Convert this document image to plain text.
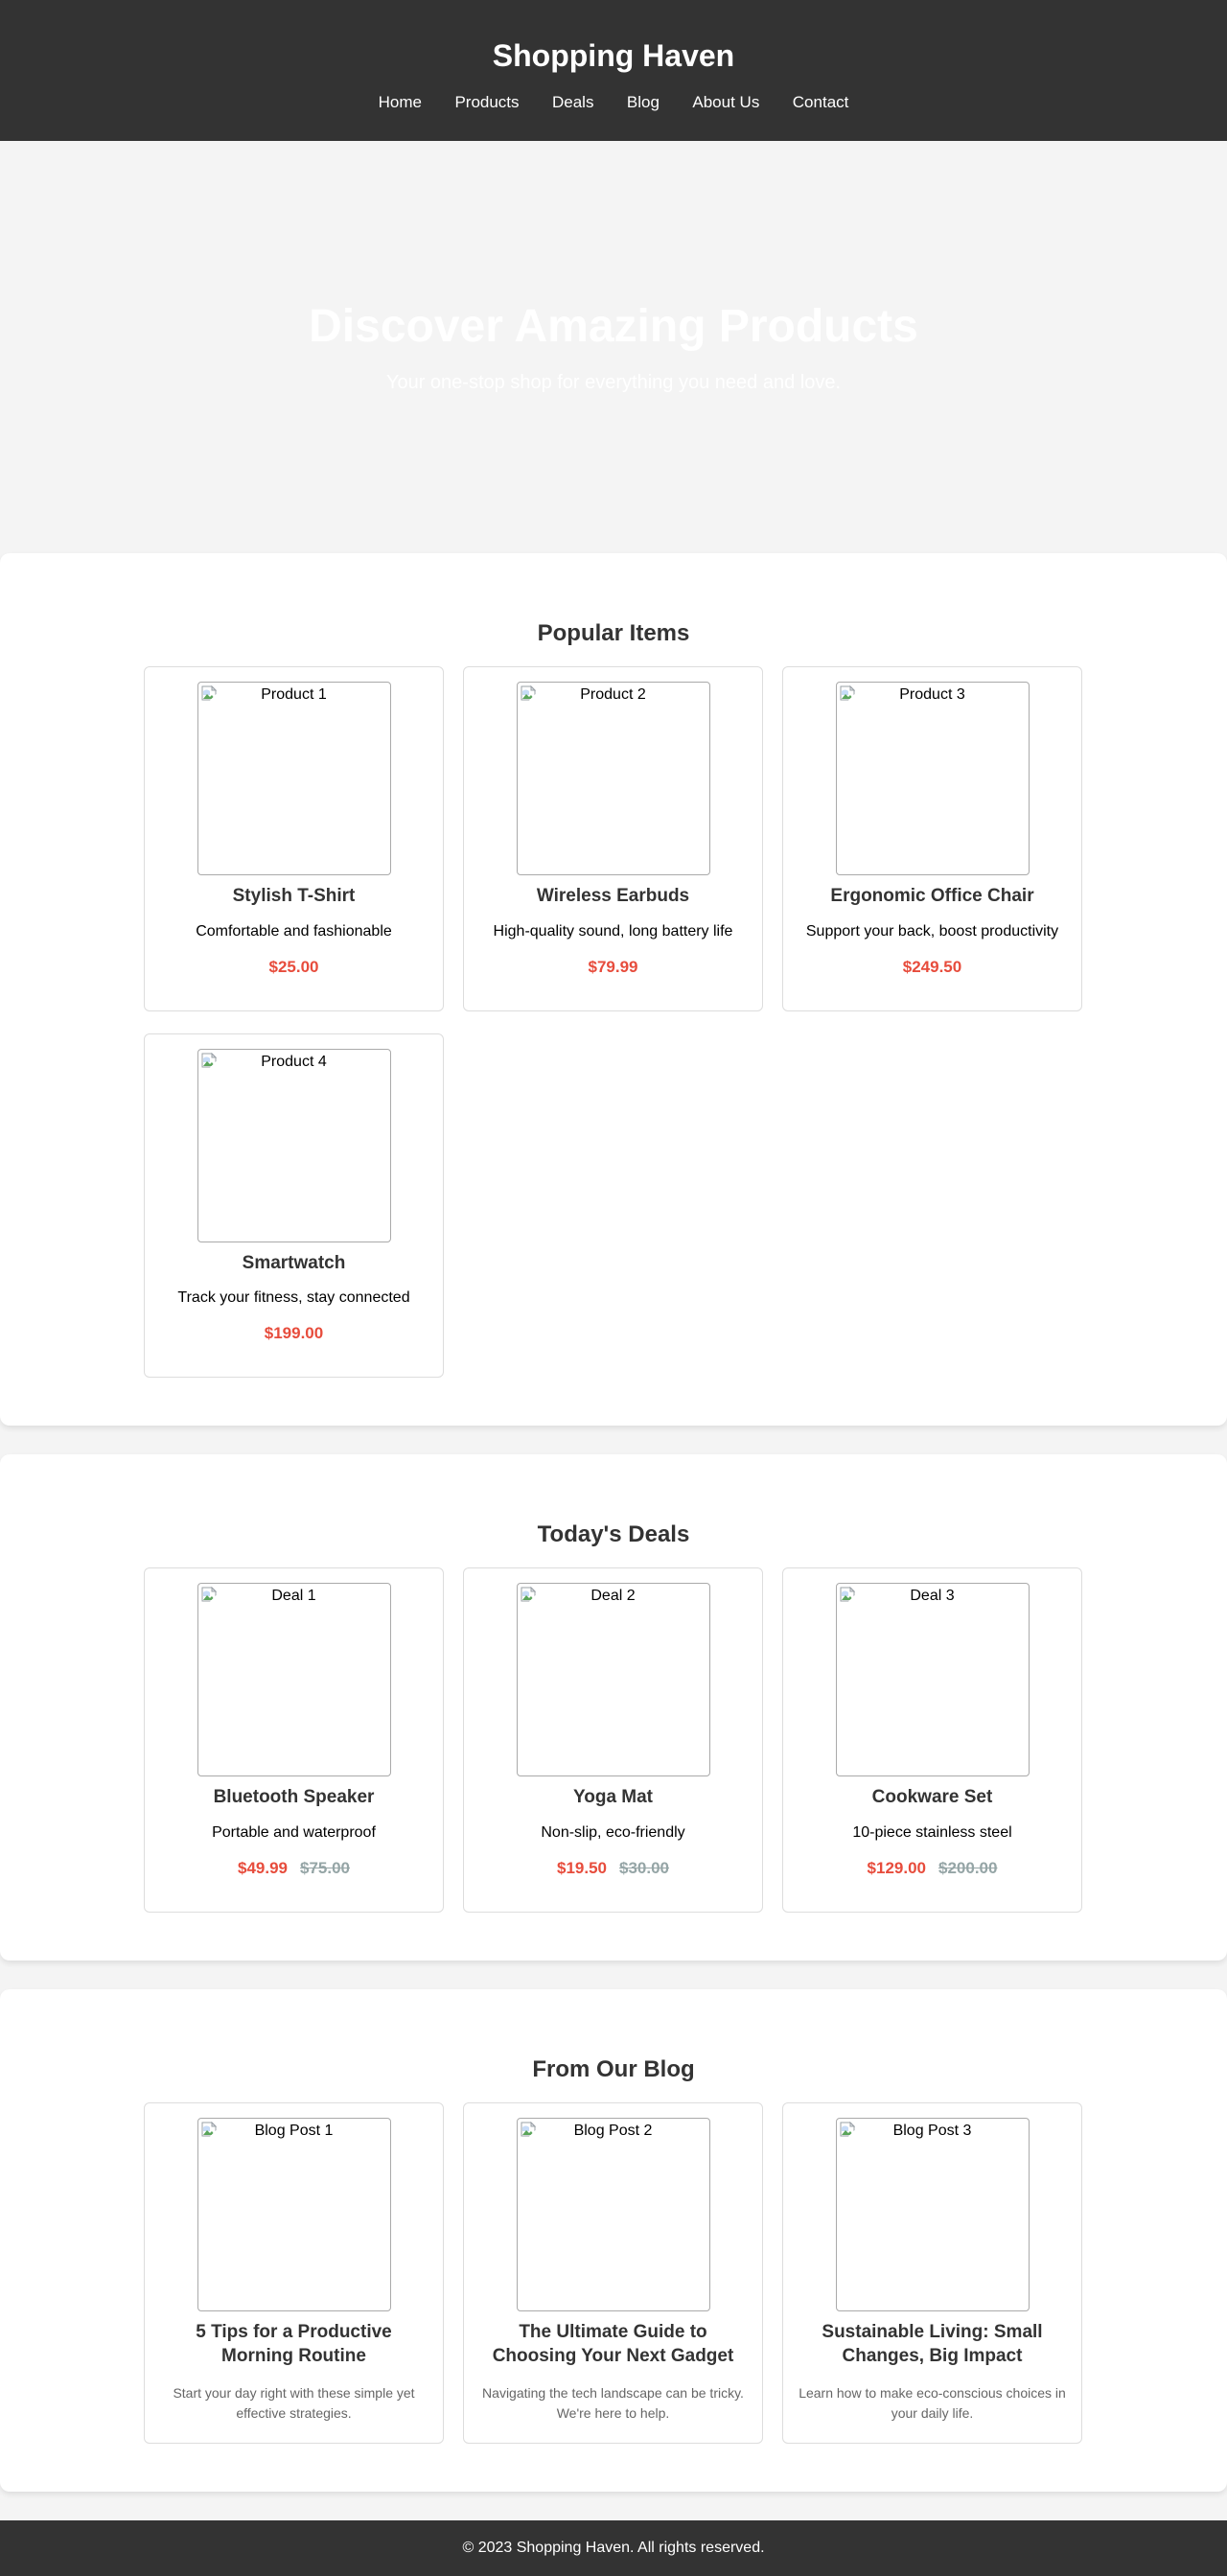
Shopping Haven
Home Products Deals Blog About Us Contact
Discover Amazing Products

Your one-stop shop for everything you need and love.

Popular Items
Product 1
Stylish T-Shirt

Comfortable and fashionable

$25.00

Product 2
Wireless Earbuds

High-quality sound, long battery life

$79.99

Product 3
Ergonomic Office Chair

Support your back, boost productivity

$249.50

Product 4
Smartwatch

Track your fitness, stay connected

$199.00

Today's Deals
Deal 1
Bluetooth Speaker

Portable and waterproof

$49.99 $75.00

Deal 2
Yoga Mat

Non-slip, eco-friendly

$19.50 $30.00

Deal 3
Cookware Set

10-piece stainless steel

$129.00 $200.00

From Our Blog
Blog Post 1
5 Tips for a Productive Morning Routine

Start your day right with these simple yet effective strategies.

Blog Post 2
The Ultimate Guide to Choosing Your Next Gadget

Navigating the tech landscape can be tricky. We're here to help.

Blog Post 3
Sustainable Living: Small Changes, Big Impact

Learn how to make eco-conscious choices in your daily life.

© 2023 Shopping Haven. All rights reserved.
